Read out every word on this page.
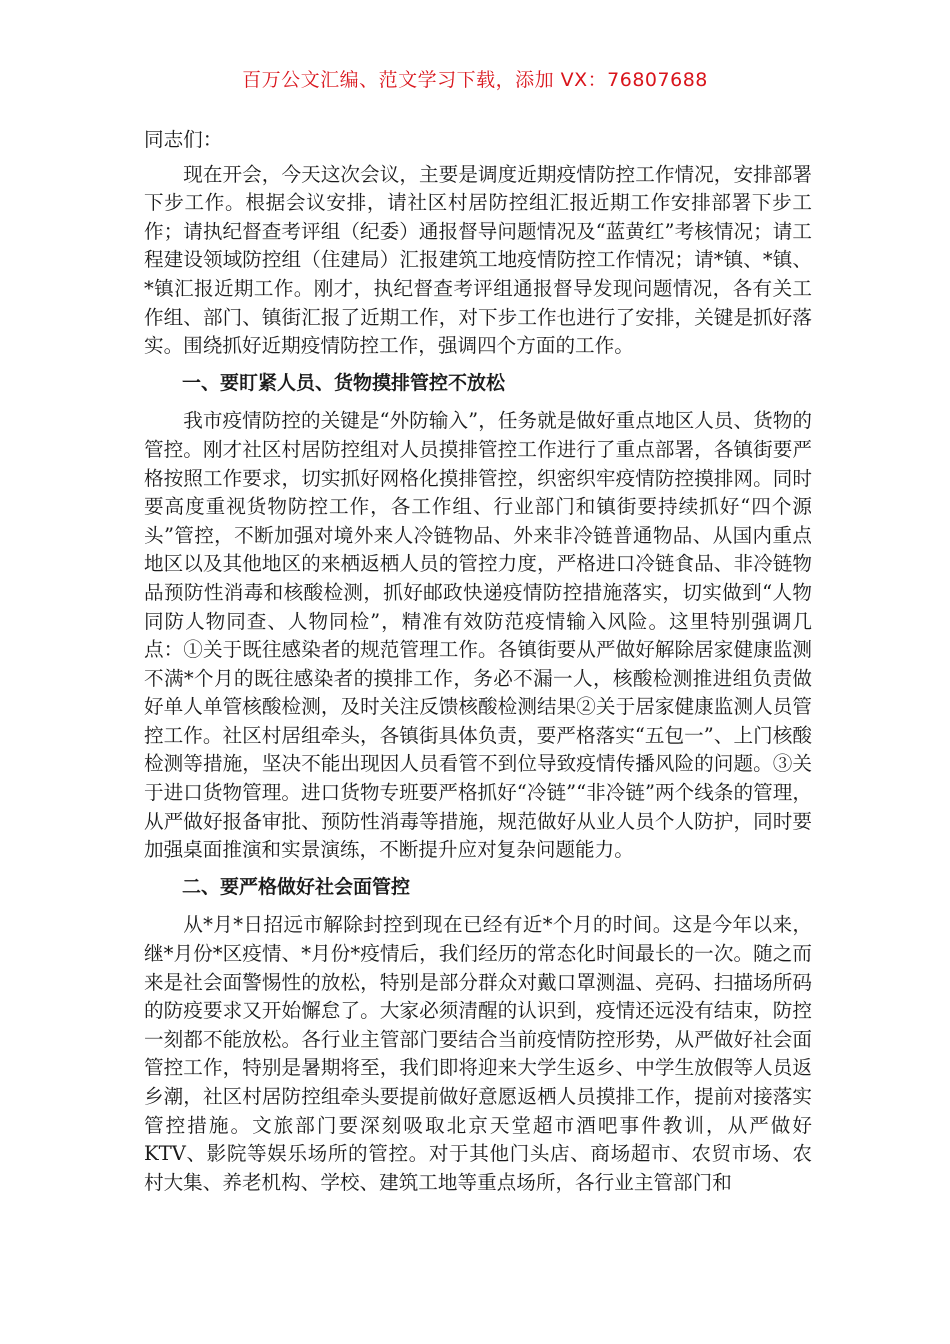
百万公文汇编、范文学习下载，添加 VX：76807688

同志们：

现在开会，今天这次会议，主要是调度近期疫情防控工作情况，安排部署下步工作。根据会议安排，请社区村居防控组汇报近期工作安排部署下步工作；请执纪督查考评组（纪委）通报督导问题情况及“蓝黄红”考核情况；请工程建设领域防控组（住建局）汇报建筑工地疫情防控工作情况；请*镇、*镇、*镇汇报近期工作。刚才，执纪督查考评组通报督导发现问题情况，各有关工作组、部门、镇街汇报了近期工作，对下步工作也进行了安排，关键是抓好落实。围绕抓好近期疫情防控工作，强调四个方面的工作。

一、要盯紧人员、货物摸排管控不放松

我市疫情防控的关键是“外防输入”，任务就是做好重点地区人员、货物的管控。刚才社区村居防控组对人员摸排管控工作进行了重点部署，各镇街要严格按照工作要求，切实抓好网格化摸排管控，织密织牢疫情防控摸排网。同时要高度重视货物防控工作，各工作组、行业部门和镇街要持续抓好“四个源头”管控，不断加强对境外来人冷链物品、外来非冷链普通物品、从国内重点地区以及其他地区的来栖返栖人员的管控力度，严格进口冷链食品、非冷链物品预防性消毒和核酸检测，抓好邮政快递疫情防控措施落实，切实做到“人物同防人物同查、人物同检”，精准有效防范疫情输入风险。这里特别强调几点：①关于既往感染者的规范管理工作。各镇街要从严做好解除居家健康监测不满*个月的既往感染者的摸排工作，务必不漏一人，核酸检测推进组负责做好单人单管核酸检测，及时关注反馈核酸检测结果②关于居家健康监测人员管控工作。社区村居组牵头，各镇街具体负责，要严格落实“五包一”、上门核酸检测等措施，坚决不能出现因人员看管不到位导致疫情传播风险的问题。③关于进口货物管理。进口货物专班要严格抓好“冷链”“非冷链”两个线条的管理，从严做好报备审批、预防性消毒等措施，规范做好从业人员个人防护，同时要加强桌面推演和实景演练，不断提升应对复杂问题能力。

二、要严格做好社会面管控

从*月*日招远市解除封控到现在已经有近*个月的时间。这是今年以来，继*月份*区疫情、*月份*疫情后，我们经历的常态化时间最长的一次。随之而来是社会面警惕性的放松，特别是部分群众对戴口罩测温、亮码、扫描场所码的防疫要求又开始懈怠了。大家必须清醒的认识到，疫情还远没有结束，防控一刻都不能放松。各行业主管部门要结合当前疫情防控形势，从严做好社会面管控工作，特别是暑期将至，我们即将迎来大学生返乡、中学生放假等人员返乡潮，社区村居防控组牵头要提前做好意愿返栖人员摸排工作，提前对接落实管控措施。文旅部门要深刻吸取北京天堂超市酒吧事件教训，从严做好 KTV、影院等娱乐场所的管控。对于其他门头店、商场超市、农贸市场、农村大集、养老机构、学校、建筑工地等重点场所，各行业主管部门和
